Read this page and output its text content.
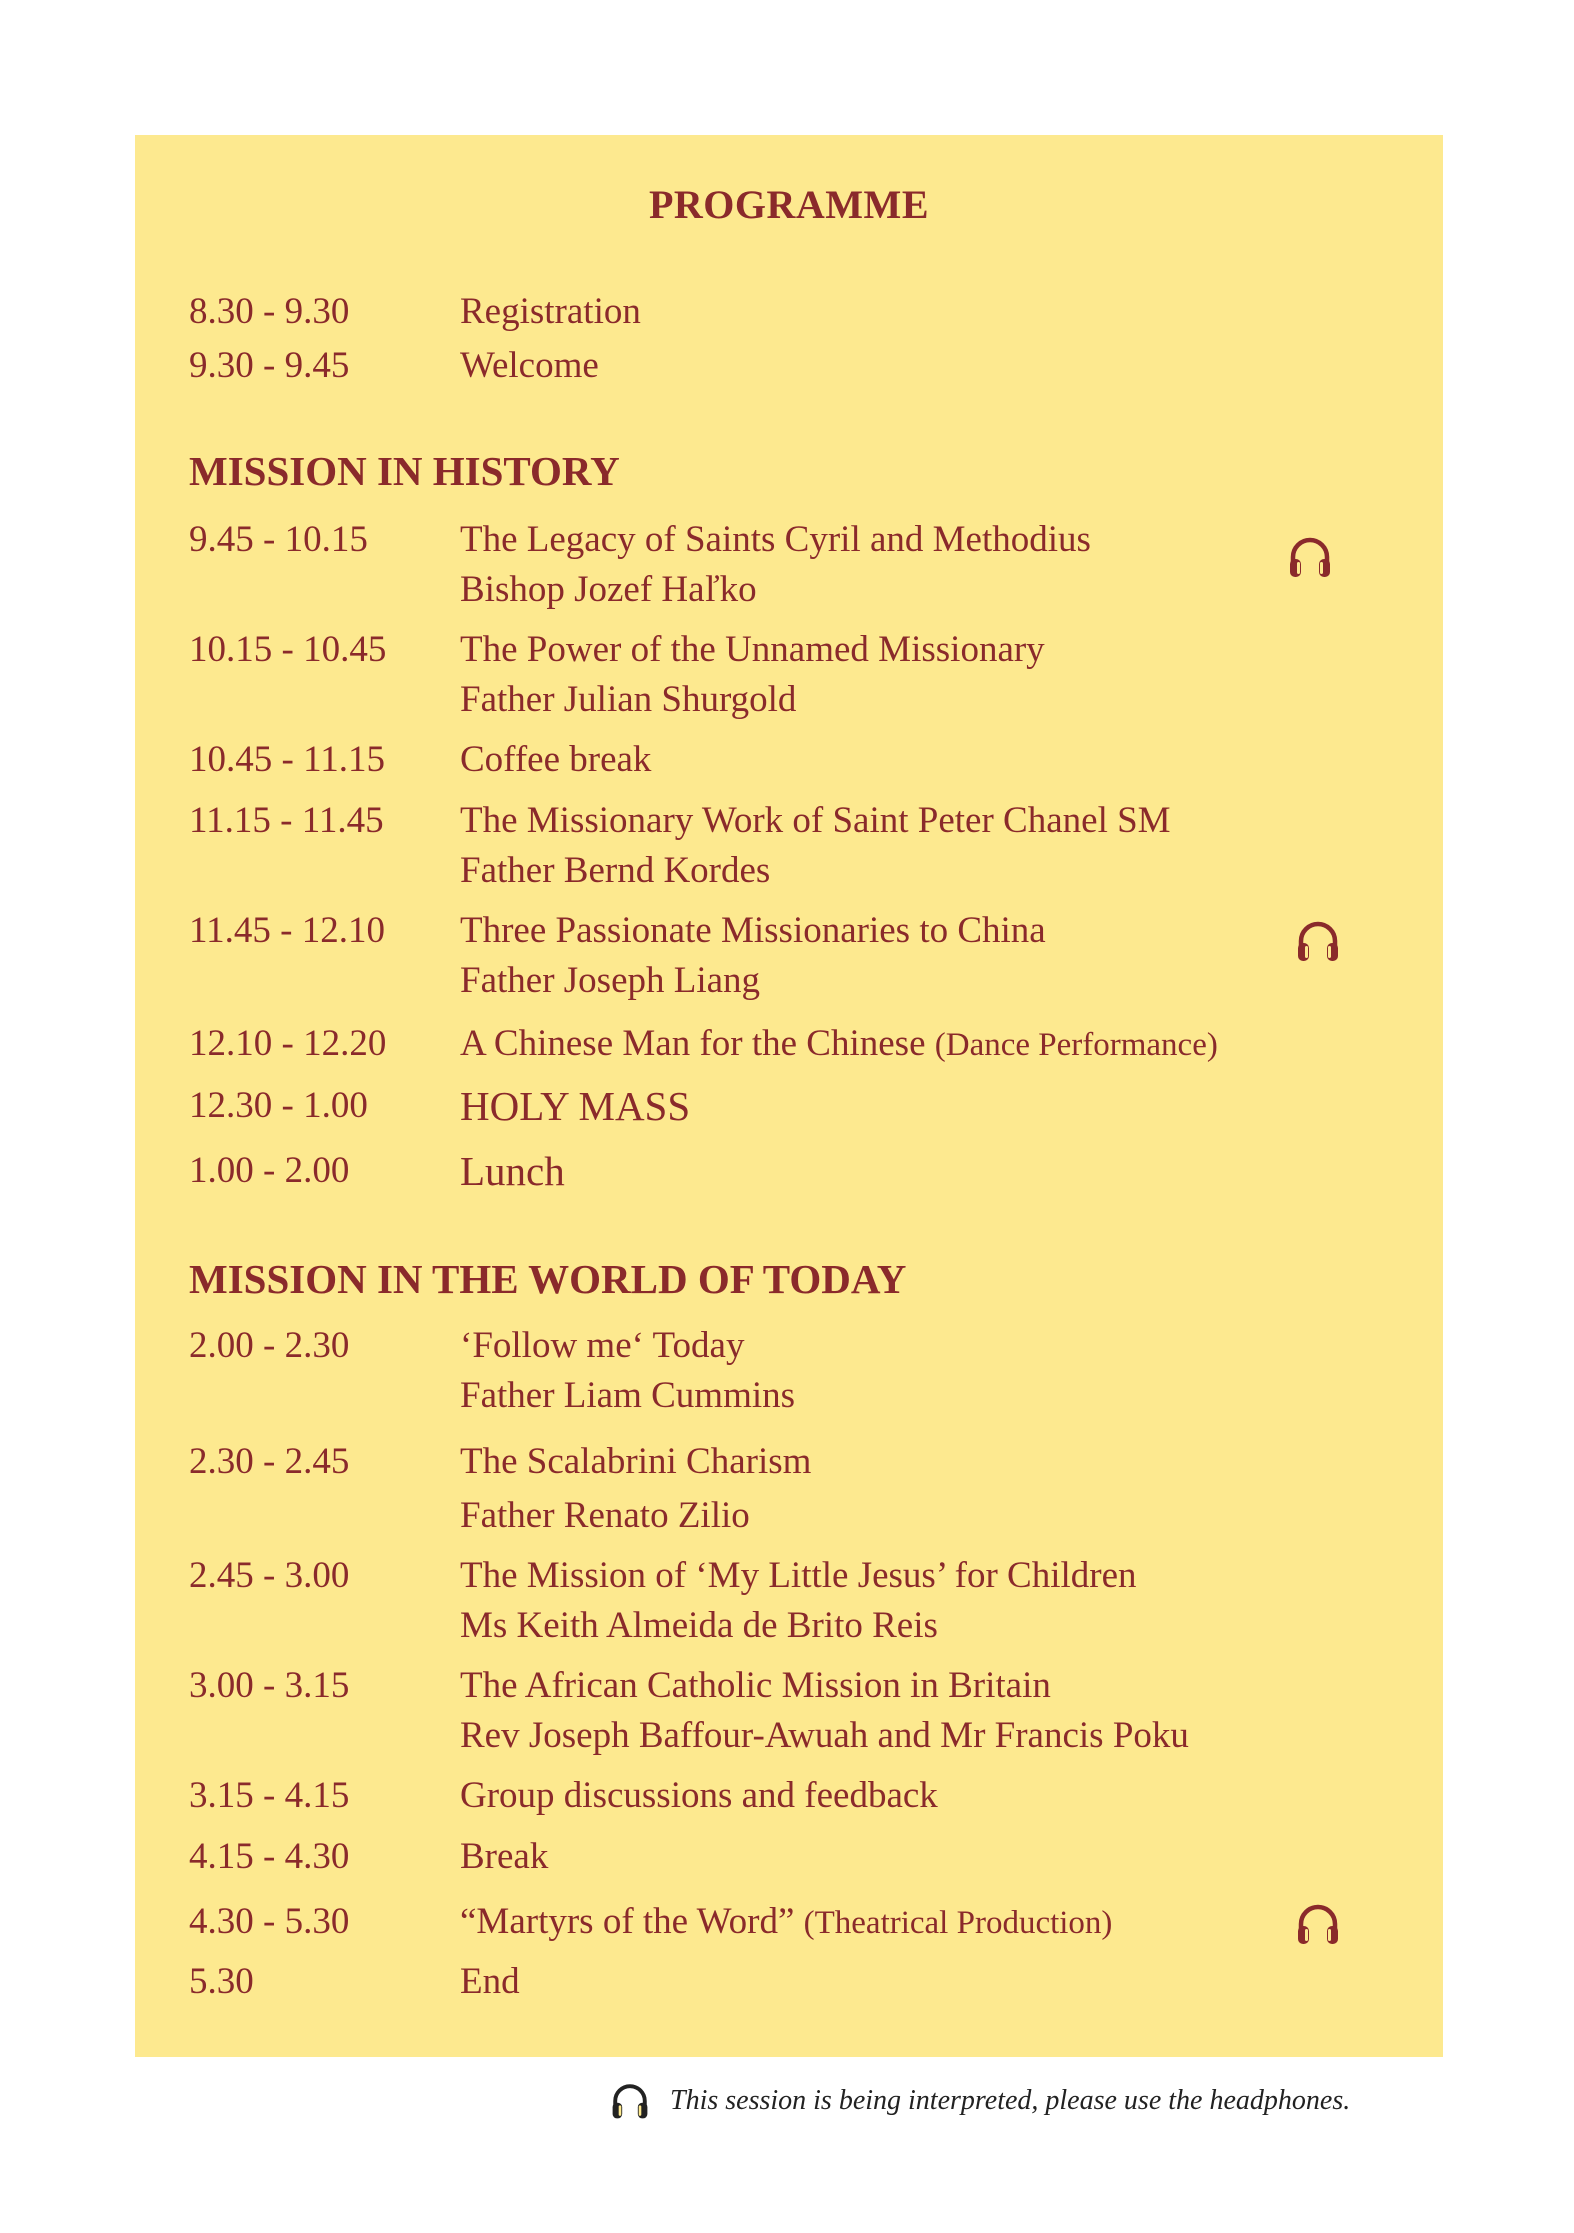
PROGRAMME
8.30 - 9.30	Registration
9.30 - 9.45	Welcome
MISSION IN HISTORY
9.45 - 10.15 The Legacy of Saints Cyril and Methodius
Bishop Jozef Haľko
10.15 - 10.45 The Power of the Unnamed Missionary
Father Julian Shurgold
10.45 - 11.15 Coffee break
11.15 - 11.45 The Missionary Work of Saint Peter Chanel SM
Father Bernd Kordes
11.45 - 12.10 Three Passionate Missionaries to China
Father Joseph Liang
12.10 - 12.20 A Chinese Man for the Chinese (Dance Performance)
12.30 - 1.00 HOLY MASS
1.00 - 2.00	Lunch
MISSION IN THE WORLD OF TODAY
2.00 - 2.30	‘Follow me‘ Today
Father Liam Cummins
2.30 - 2.45	The Scalabrini Charism
Father Renato Zilio
2.45 - 3.00	The Mission of ‘My Little Jesus’ for Children
Ms Keith Almeida de Brito Reis
3.00 - 3.15	The African Catholic Mission in Britain
Rev Joseph Baffour-Awuah and Mr Francis Poku
3.15 - 4.15	Group discussions and feedback
4.15 - 4.30	Break
4.30 - 5.30	“Martyrs of the Word” (Theatrical Production)
5.30	End
This session is being interpreted, please use the headphones.
